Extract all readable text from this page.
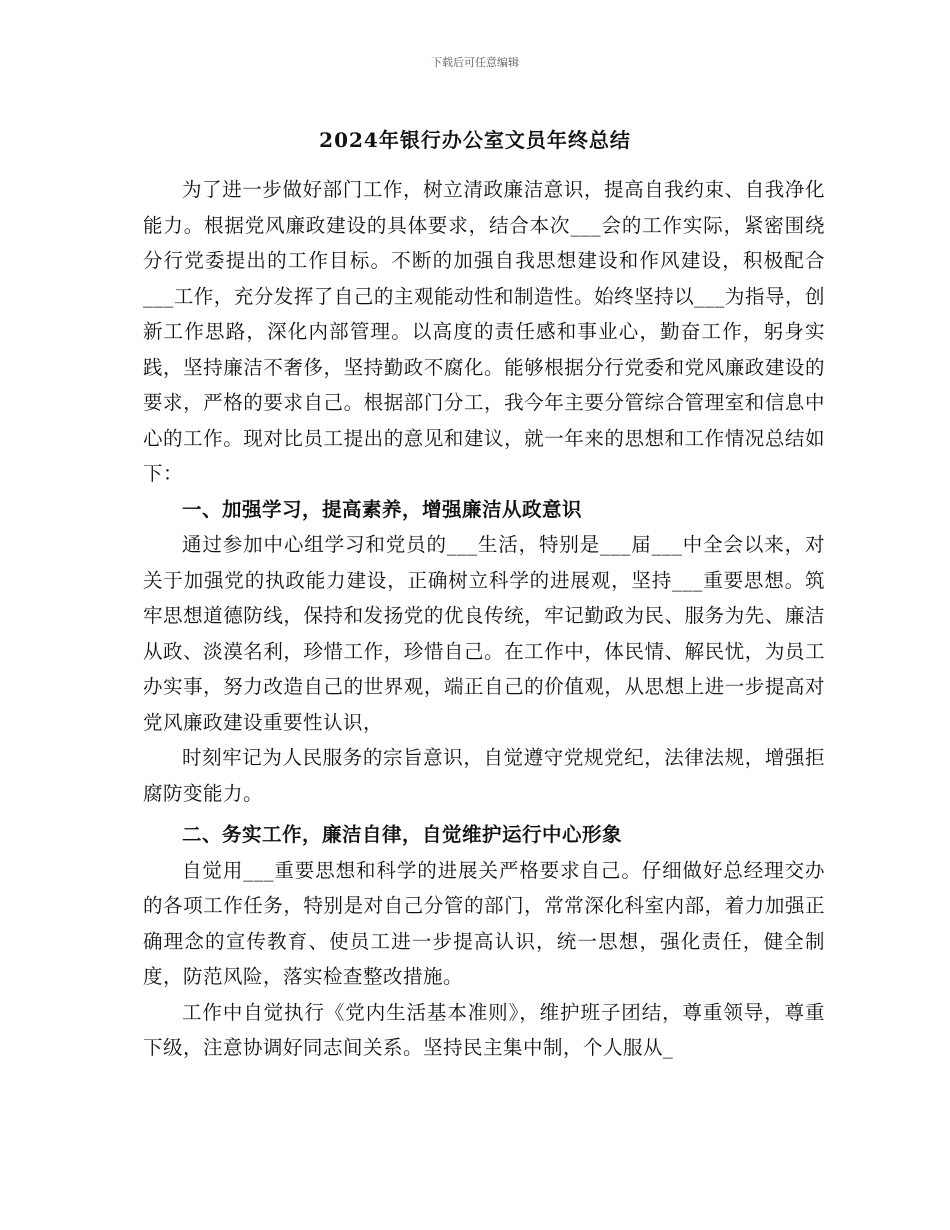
下载后可任意编辑
2024年银行办公室文员年终总结

为了进一步做好部门工作，树立清政廉洁意识，提高自我约束、自我净化能力。根据党风廉政建设的具体要求，结合本次___会的工作实际，紧密围绕分行党委提出的工作目标。不断的加强自我思想建设和作风建设，积极配合___工作，充分发挥了自己的主观能动性和制造性。始终坚持以___为指导，创新工作思路，深化内部管理。以高度的责任感和事业心，勤奋工作，躬身实践，坚持廉洁不奢侈，坚持勤政不腐化。能够根据分行党委和党风廉政建设的要求，严格的要求自己。根据部门分工，我今年主要分管综合管理室和信息中心的工作。现对比员工提出的意见和建议，就一年来的思想和工作情况总结如下：

一、加强学习，提高素养，增强廉洁从政意识

通过参加中心组学习和党员的___生活，特别是___届___中全会以来，对关于加强党的执政能力建设，正确树立科学的进展观，坚持___重要思想。筑牢思想道德防线，保持和发扬党的优良传统，牢记勤政为民、服务为先、廉洁从政、淡漠名利，珍惜工作，珍惜自己。在工作中，体民情、解民忧，为员工办实事，努力改造自己的世界观，端正自己的价值观，从思想上进一步提高对党风廉政建设重要性认识，

时刻牢记为人民服务的宗旨意识，自觉遵守党规党纪，法律法规，增强拒腐防变能力。

二、务实工作，廉洁自律，自觉维护运行中心形象

自觉用___重要思想和科学的进展关严格要求自己。仔细做好总经理交办的各项工作任务，特别是对自己分管的部门，常常深化科室内部，着力加强正确理念的宣传教育、使员工进一步提高认识，统一思想，强化责任，健全制度，防范风险，落实检查整改措施。

工作中自觉执行《党内生活基本准则》，维护班子团结，尊重领导，尊重下级，注意协调好同志间关系。坚持民主集中制，个人服从_
